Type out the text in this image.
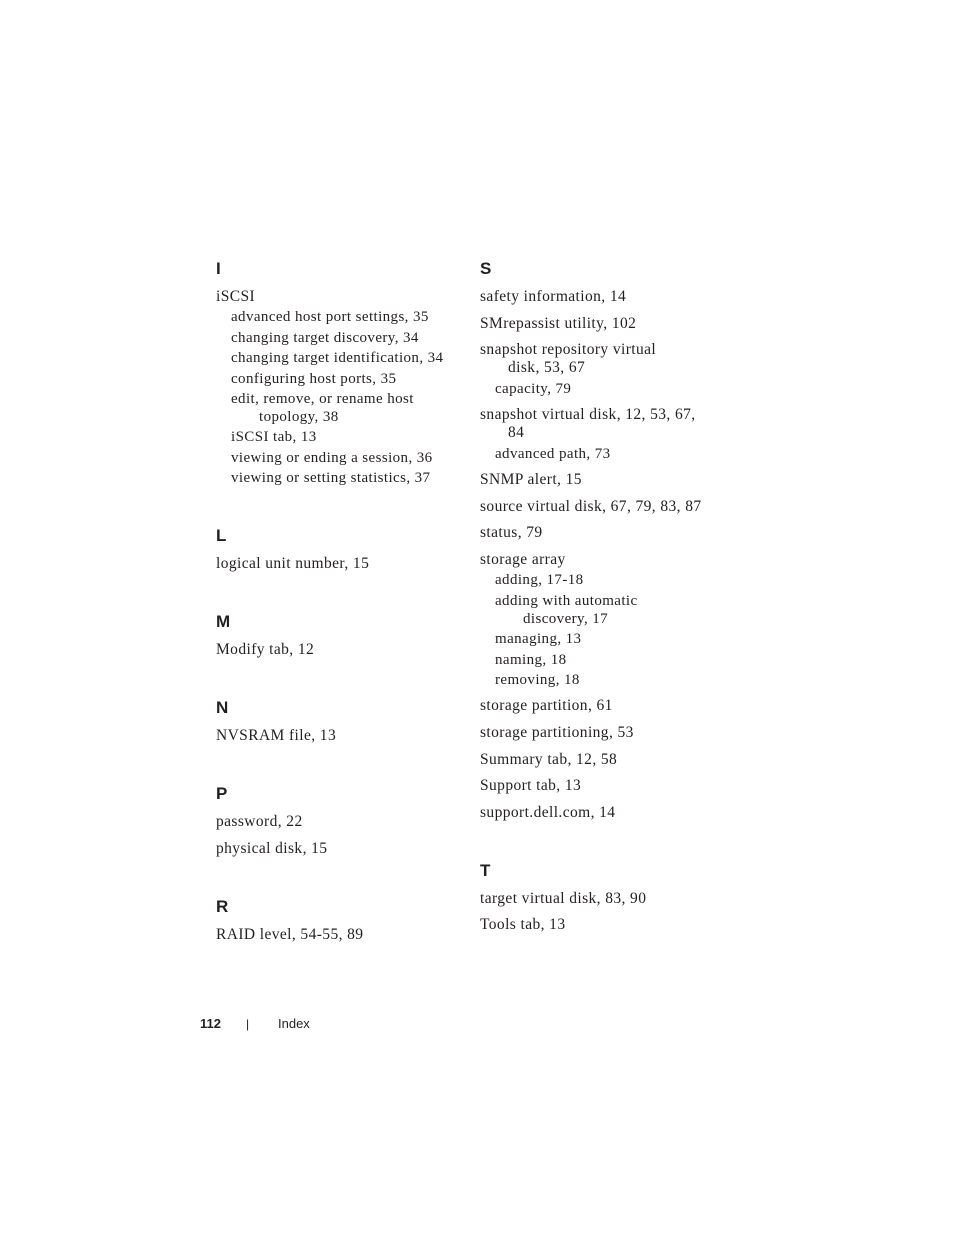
I
iSCSI
advanced host port settings, 35
changing target discovery, 34
changing target identification, 34
configuring host ports, 35
edit, remove, or rename host
topology, 38
iSCSI tab, 13
viewing or ending a session, 36
viewing or setting statistics, 37
L
logical unit number, 15
M
Modify tab, 12
N
NVSRAM file, 13
P
password, 22
physical disk, 15
R
RAID level, 54-55, 89
S
safety information, 14
SMrepassist utility, 102
snapshot repository virtual
disk, 53, 67
capacity, 79
snapshot virtual disk, 12, 53, 67,
84
advanced path, 73
SNMP alert, 15
source virtual disk, 67, 79, 83, 87
status, 79
storage array
adding, 17-18
adding with automatic
discovery, 17
managing, 13
naming, 18
removing, 18
storage partition, 61
storage partitioning, 53
Summary tab, 12, 58
Support tab, 13
support.dell.com, 14
T
target virtual disk, 83, 90
Tools tab, 13
112 | Index
